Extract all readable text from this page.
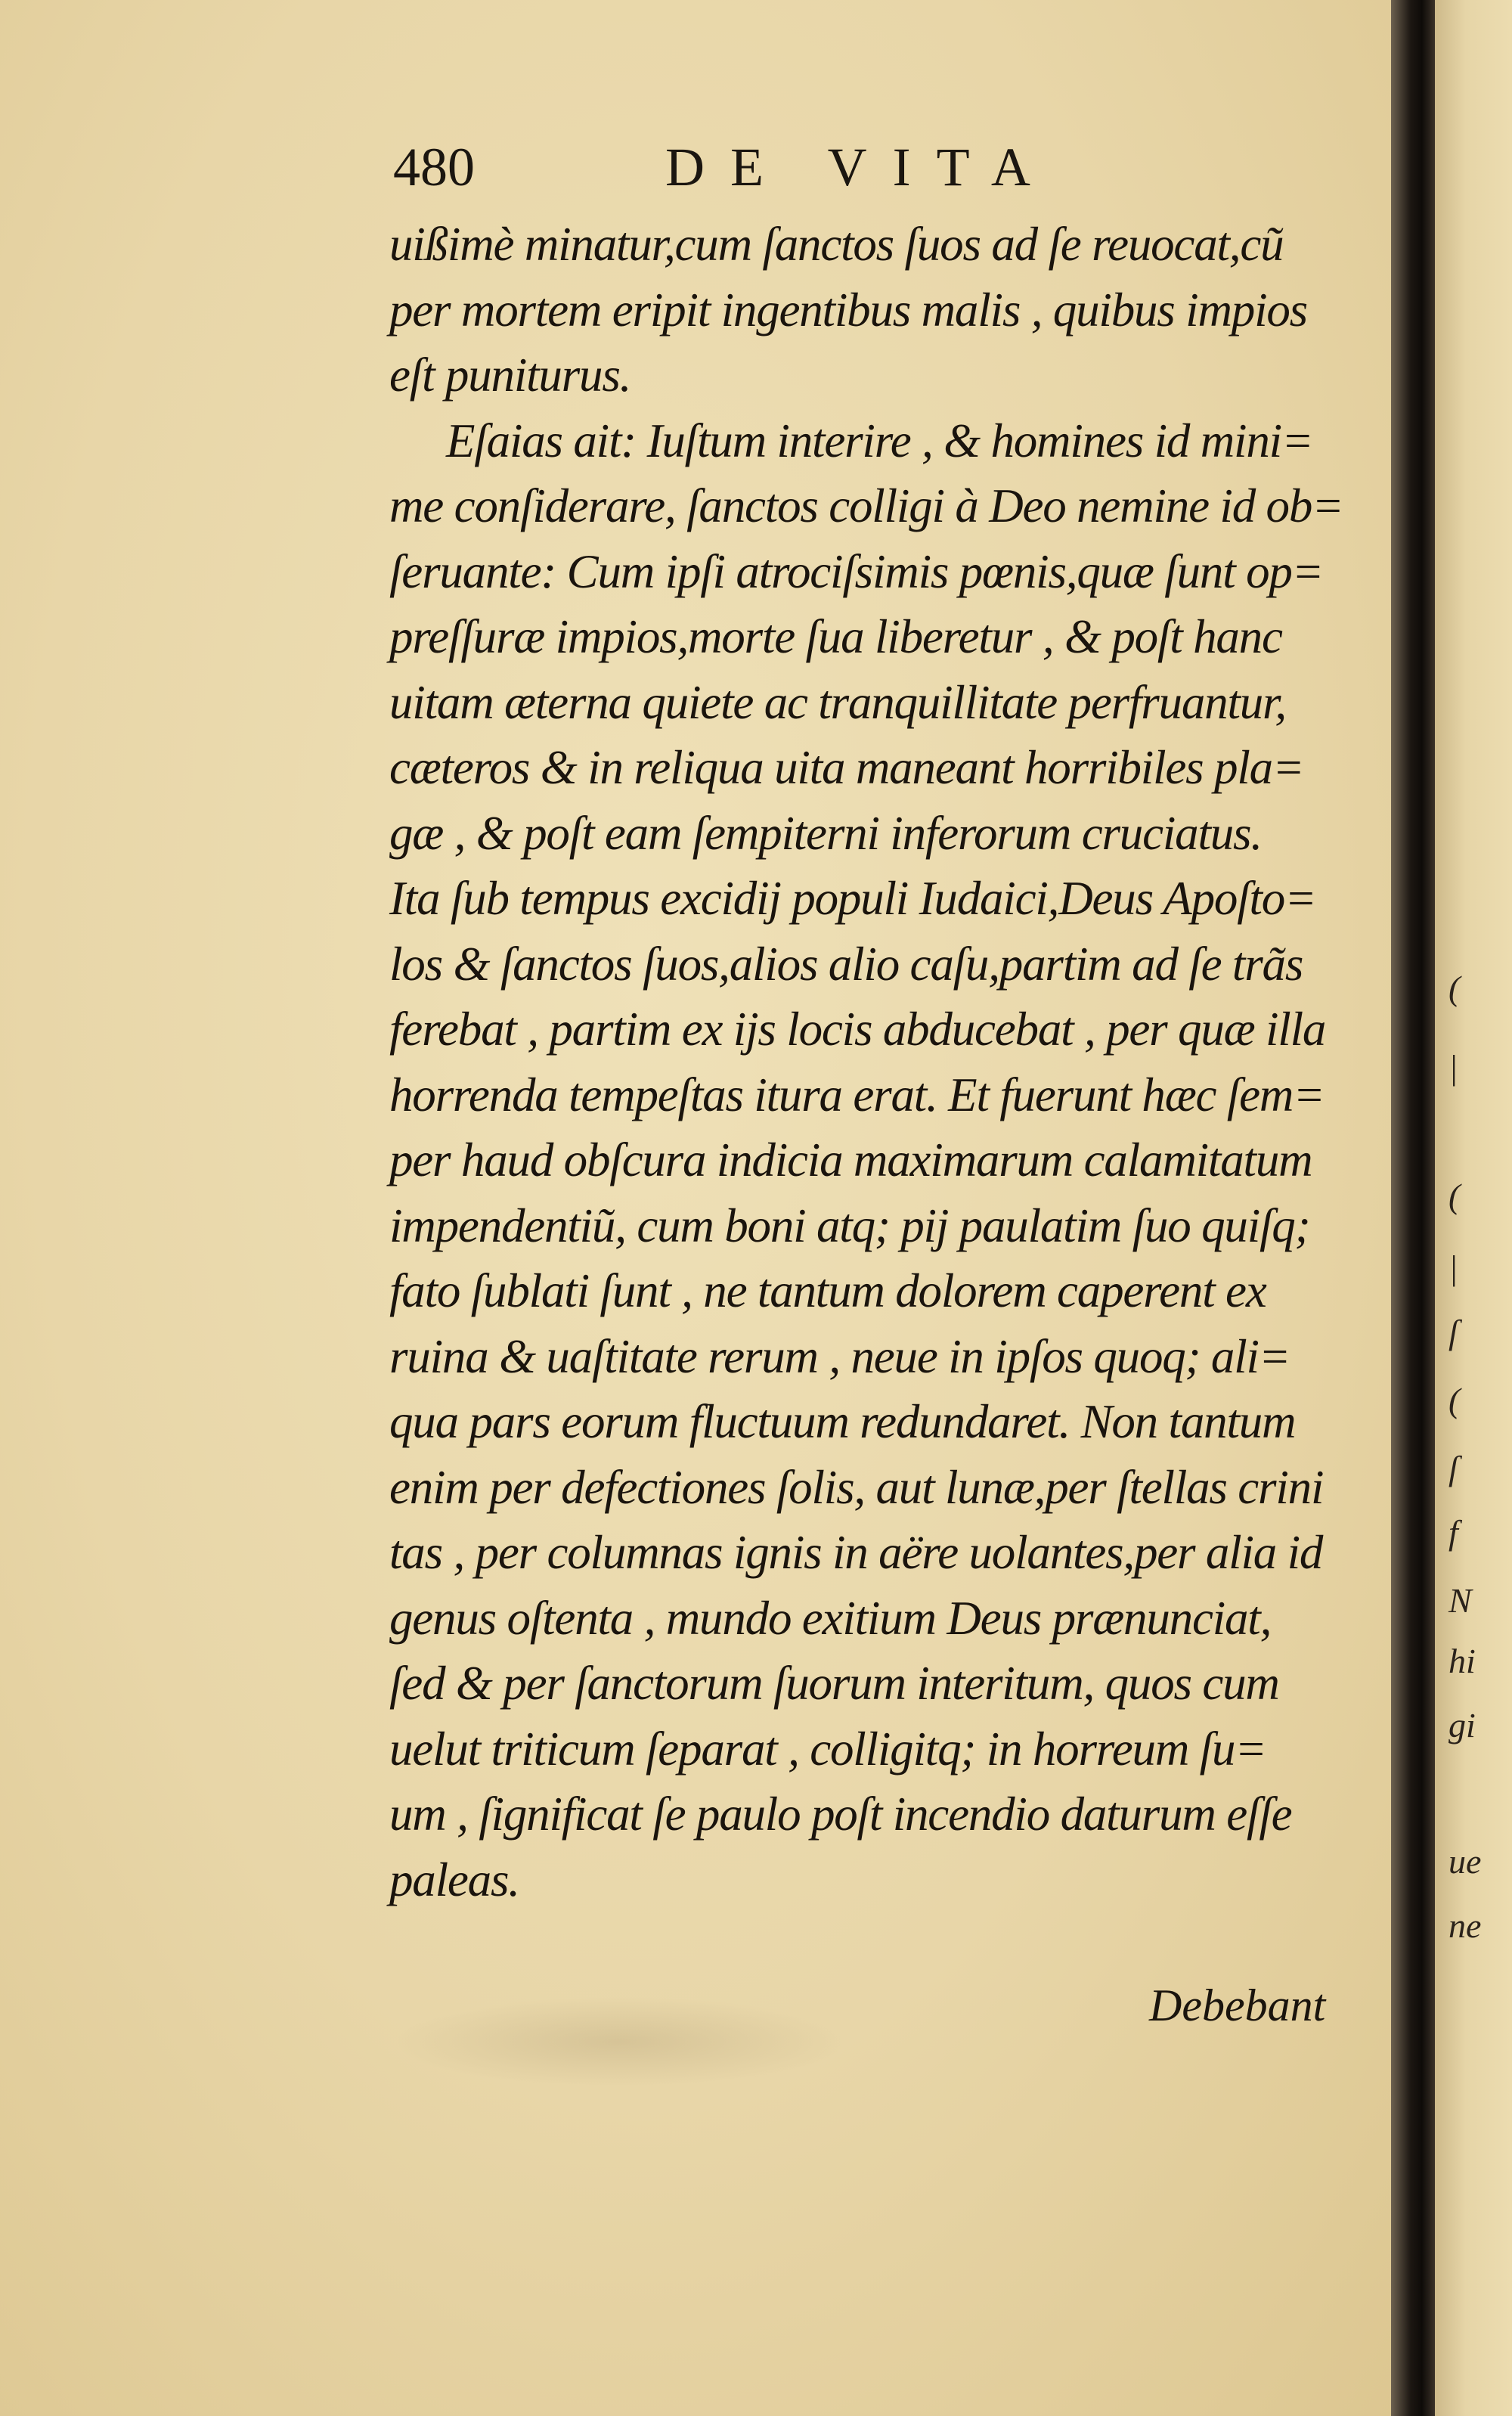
480	DE VITA
uißimè minatur,cum ſanctos ſuos ad ſe reuocat,cũ
per mortem eripit ingentibus malis , quibus impios
eſt puniturus.
Eſaias ait: Iuſtum interire , & homines id mini=
me conſiderare, ſanctos colligi à Deo nemine id ob=
ſeruante: Cum ipſi atrociſsimis pœnis,quæ ſunt op=
preſſuræ impios,morte ſua liberetur , & poſt hanc
uitam æterna quiete ac tranquillitate perfruantur,
cæteros & in reliqua uita maneant horribiles pla=
gæ , & poſt eam ſempiterni inferorum cruciatus.
Ita ſub tempus excidij populi Iudaici,Deus Apoſto=
los & ſanctos ſuos,alios alio caſu,partim ad ſe trãs
ferebat , partim ex ijs locis abducebat , per quæ illa
horrenda tempeſtas itura erat. Et fuerunt hæc ſem=
per haud obſcura indicia maximarum calamitatum
impendentiũ, cum boni atq; pij paulatim ſuo quiſq;
fato ſublati ſunt , ne tantum dolorem caperent ex
ruina & uaſtitate rerum , neue in ipſos quoq; ali=
qua pars eorum fluctuum redundaret. Non tantum
enim per defectiones ſolis, aut lunæ,per ſtellas crini
tas , per columnas ignis in aëre uolantes,per alia id
genus oſtenta , mundo exitium Deus prænunciat,
ſed & per ſanctorum ſuorum interitum, quos cum
uelut triticum ſeparat , colligitq; in horreum ſu=
um , ſignificat ſe paulo poſt incendio daturum eſſe
paleas.
Debebant
(
|
(
|
ſ
(
ſ
f
N
hi
gi
ue
ne
